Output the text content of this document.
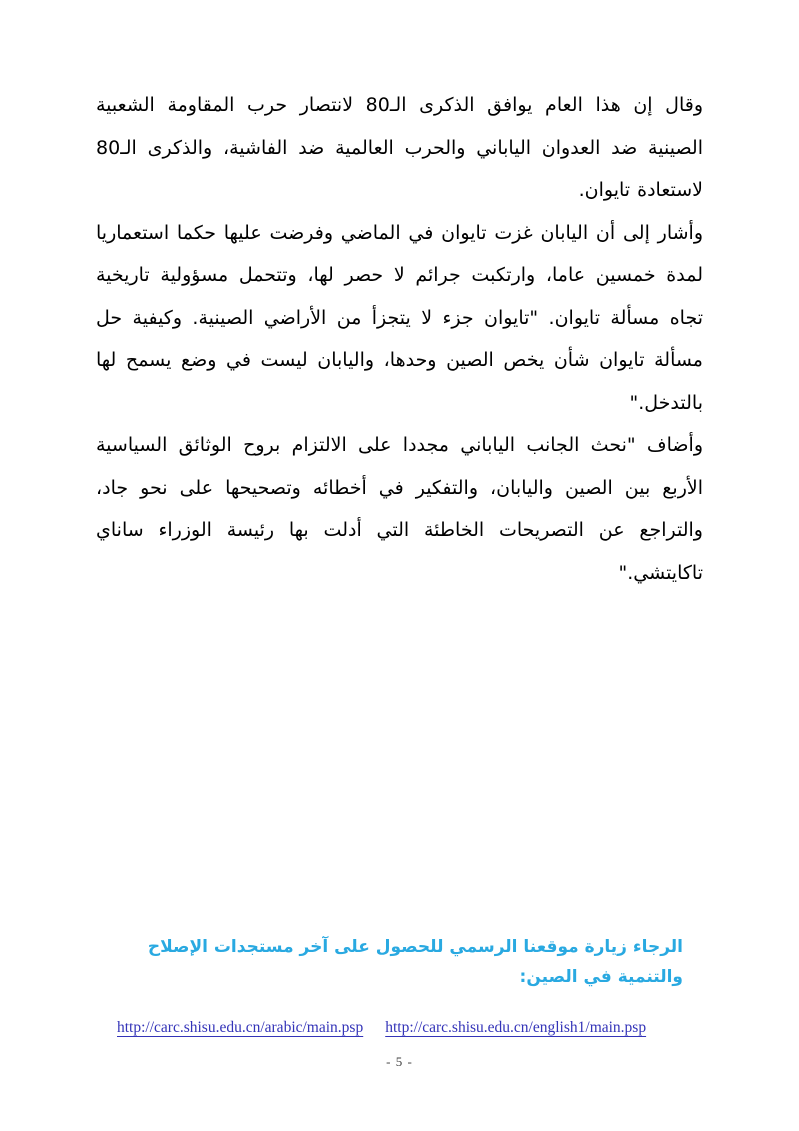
وقال إن هذا العام يوافق الذكرى الـ80 لانتصار حرب المقاومة الشعبية الصينية ضد العدوان الياباني والحرب العالمية ضد الفاشية، والذكرى الـ80 لاستعادة تايوان.

وأشار إلى أن اليابان غزت تايوان في الماضي وفرضت عليها حكما استعماريا لمدة خمسين عاما، وارتكبت جرائم لا حصر لها، وتتحمل مسؤولية تاريخية تجاه مسألة تايوان. "تايوان جزء لا يتجزأ من الأراضي الصينية. وكيفية حل مسألة تايوان شأن يخص الصين وحدها، واليابان ليست في وضع يسمح لها بالتدخل."

وأضاف "نحث الجانب الياباني مجددا على الالتزام بروح الوثائق السياسية الأربع بين الصين واليابان، والتفكير في أخطائه وتصحيحها على نحو جاد، والتراجع عن التصريحات الخاطئة التي أدلت بها رئيسة الوزراء ساناي تاكايتشي."

الرجاء زيارة موقعنا الرسمي للحصول على آخر مستجدات الإصلاح والتنمية في الصين:
http://carc.shisu.edu.cn/arabic/main.psp http://carc.shisu.edu.cn/english1/main.psp
- 5 -
